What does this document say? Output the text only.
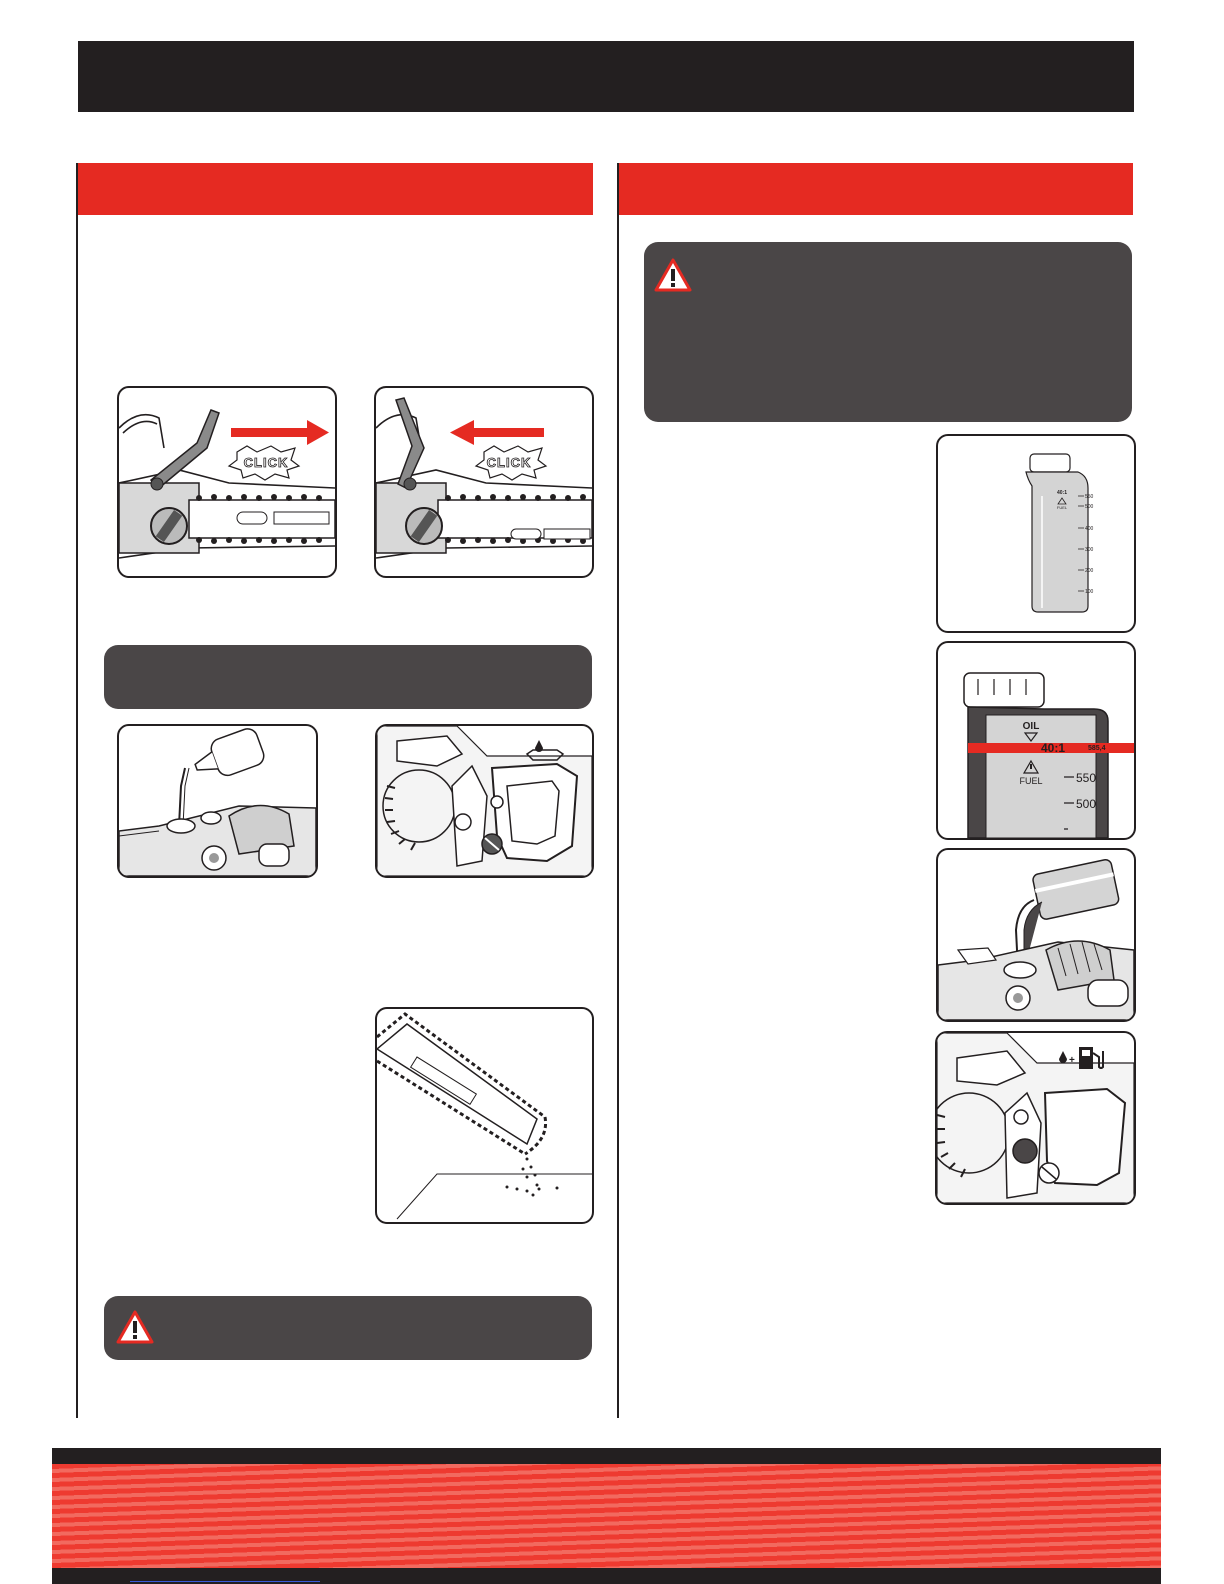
CLICK	CLICK
40:1
FUEL
550
500
400
300
200
100
OIL
40:1	585,4
FUEL	550
500
+
